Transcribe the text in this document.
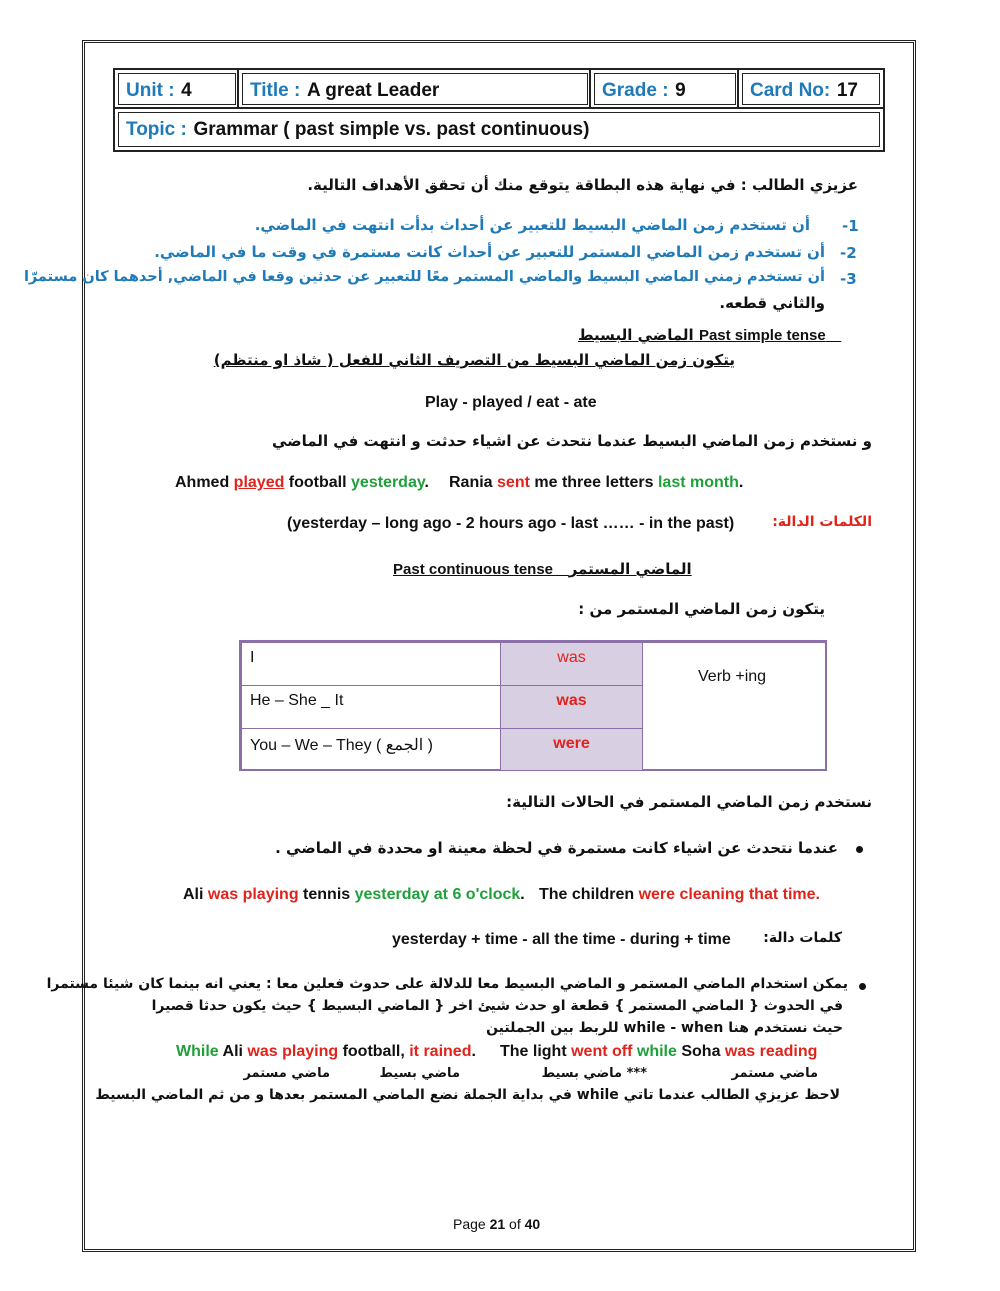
Unit : 4	Title : A great Leader	Grade : 9	Card No: 17
Topic : Grammar ( past simple vs. past continuous)
عزيزي الطالب : في نهاية هذه البطاقة يتوقع منك أن تحقق الأهداف التالية.
أن تستخدم زمن الماضي البسيط للتعبير عن أحداث بدأت انتهت في الماضي. -1
أن تستخدم زمن الماضي المستمر للتعبير عن أحداث كانت مستمرة في وقت ما في الماضي. -2
أن تستخدم زمني الماضي البسيط والماضي المستمر معًا للتعبير عن حدثين وقعا في الماضي, أحدهما كان مستمرّا -3
والثاني قطعه.
الماضي البسيط Past simple tense
يتكون زمن الماضي البسيط من التصريف الثاني للفعل ( شاذ او منتظم)
Play - played / eat - ate
و نستخدم زمن الماضي البسيط عندما نتحدث عن اشياء حدثت و انتهت في الماضي
Ahmed played football yesterday. Rania sent me three letters last month.
(yesterday – long ago - 2 hours ago - last …… - in the past)	الكلمات الدالة:
Past continuous tense الماضي المستمر
يتكون زمن الماضي المستمر من :
I	was
He – She _ It	was
You – We – They ( الجمع )	were
Verb +ing
نستخدم زمن الماضي المستمر في الحالات التالية:
عندما نتحدث عن اشياء كانت مستمرة في لحظة معينة او محددة في الماضي .
Ali was playing tennis yesterday at 6 o'clock. The children were cleaning that time.
yesterday + time - all the time - during + time كلمات دالة:
يمكن استخدام الماضي المستمر و الماضي البسيط معا للدلالة على حدوث فعلين معا : يعني انه بينما كان شيئا مستمرا
في الحدوث { الماضي المستمر } قطعة او حدث شيئ اخر { الماضي البسيط } حيث يكون حدثا قصيرا
حيث نستخدم هنا while - when للربط بين الجملتين
While Ali was playing football, it rained. The light went off while Soha was reading
ماضي مستمر	ماضي بسيط	*** ماضي بسيط	ماضي مستمر
لاحظ عزيزي الطالب عندما تاتي while في بداية الجملة نضع الماضي المستمر بعدها و من ثم الماضي البسيط
Page 21 of 40
